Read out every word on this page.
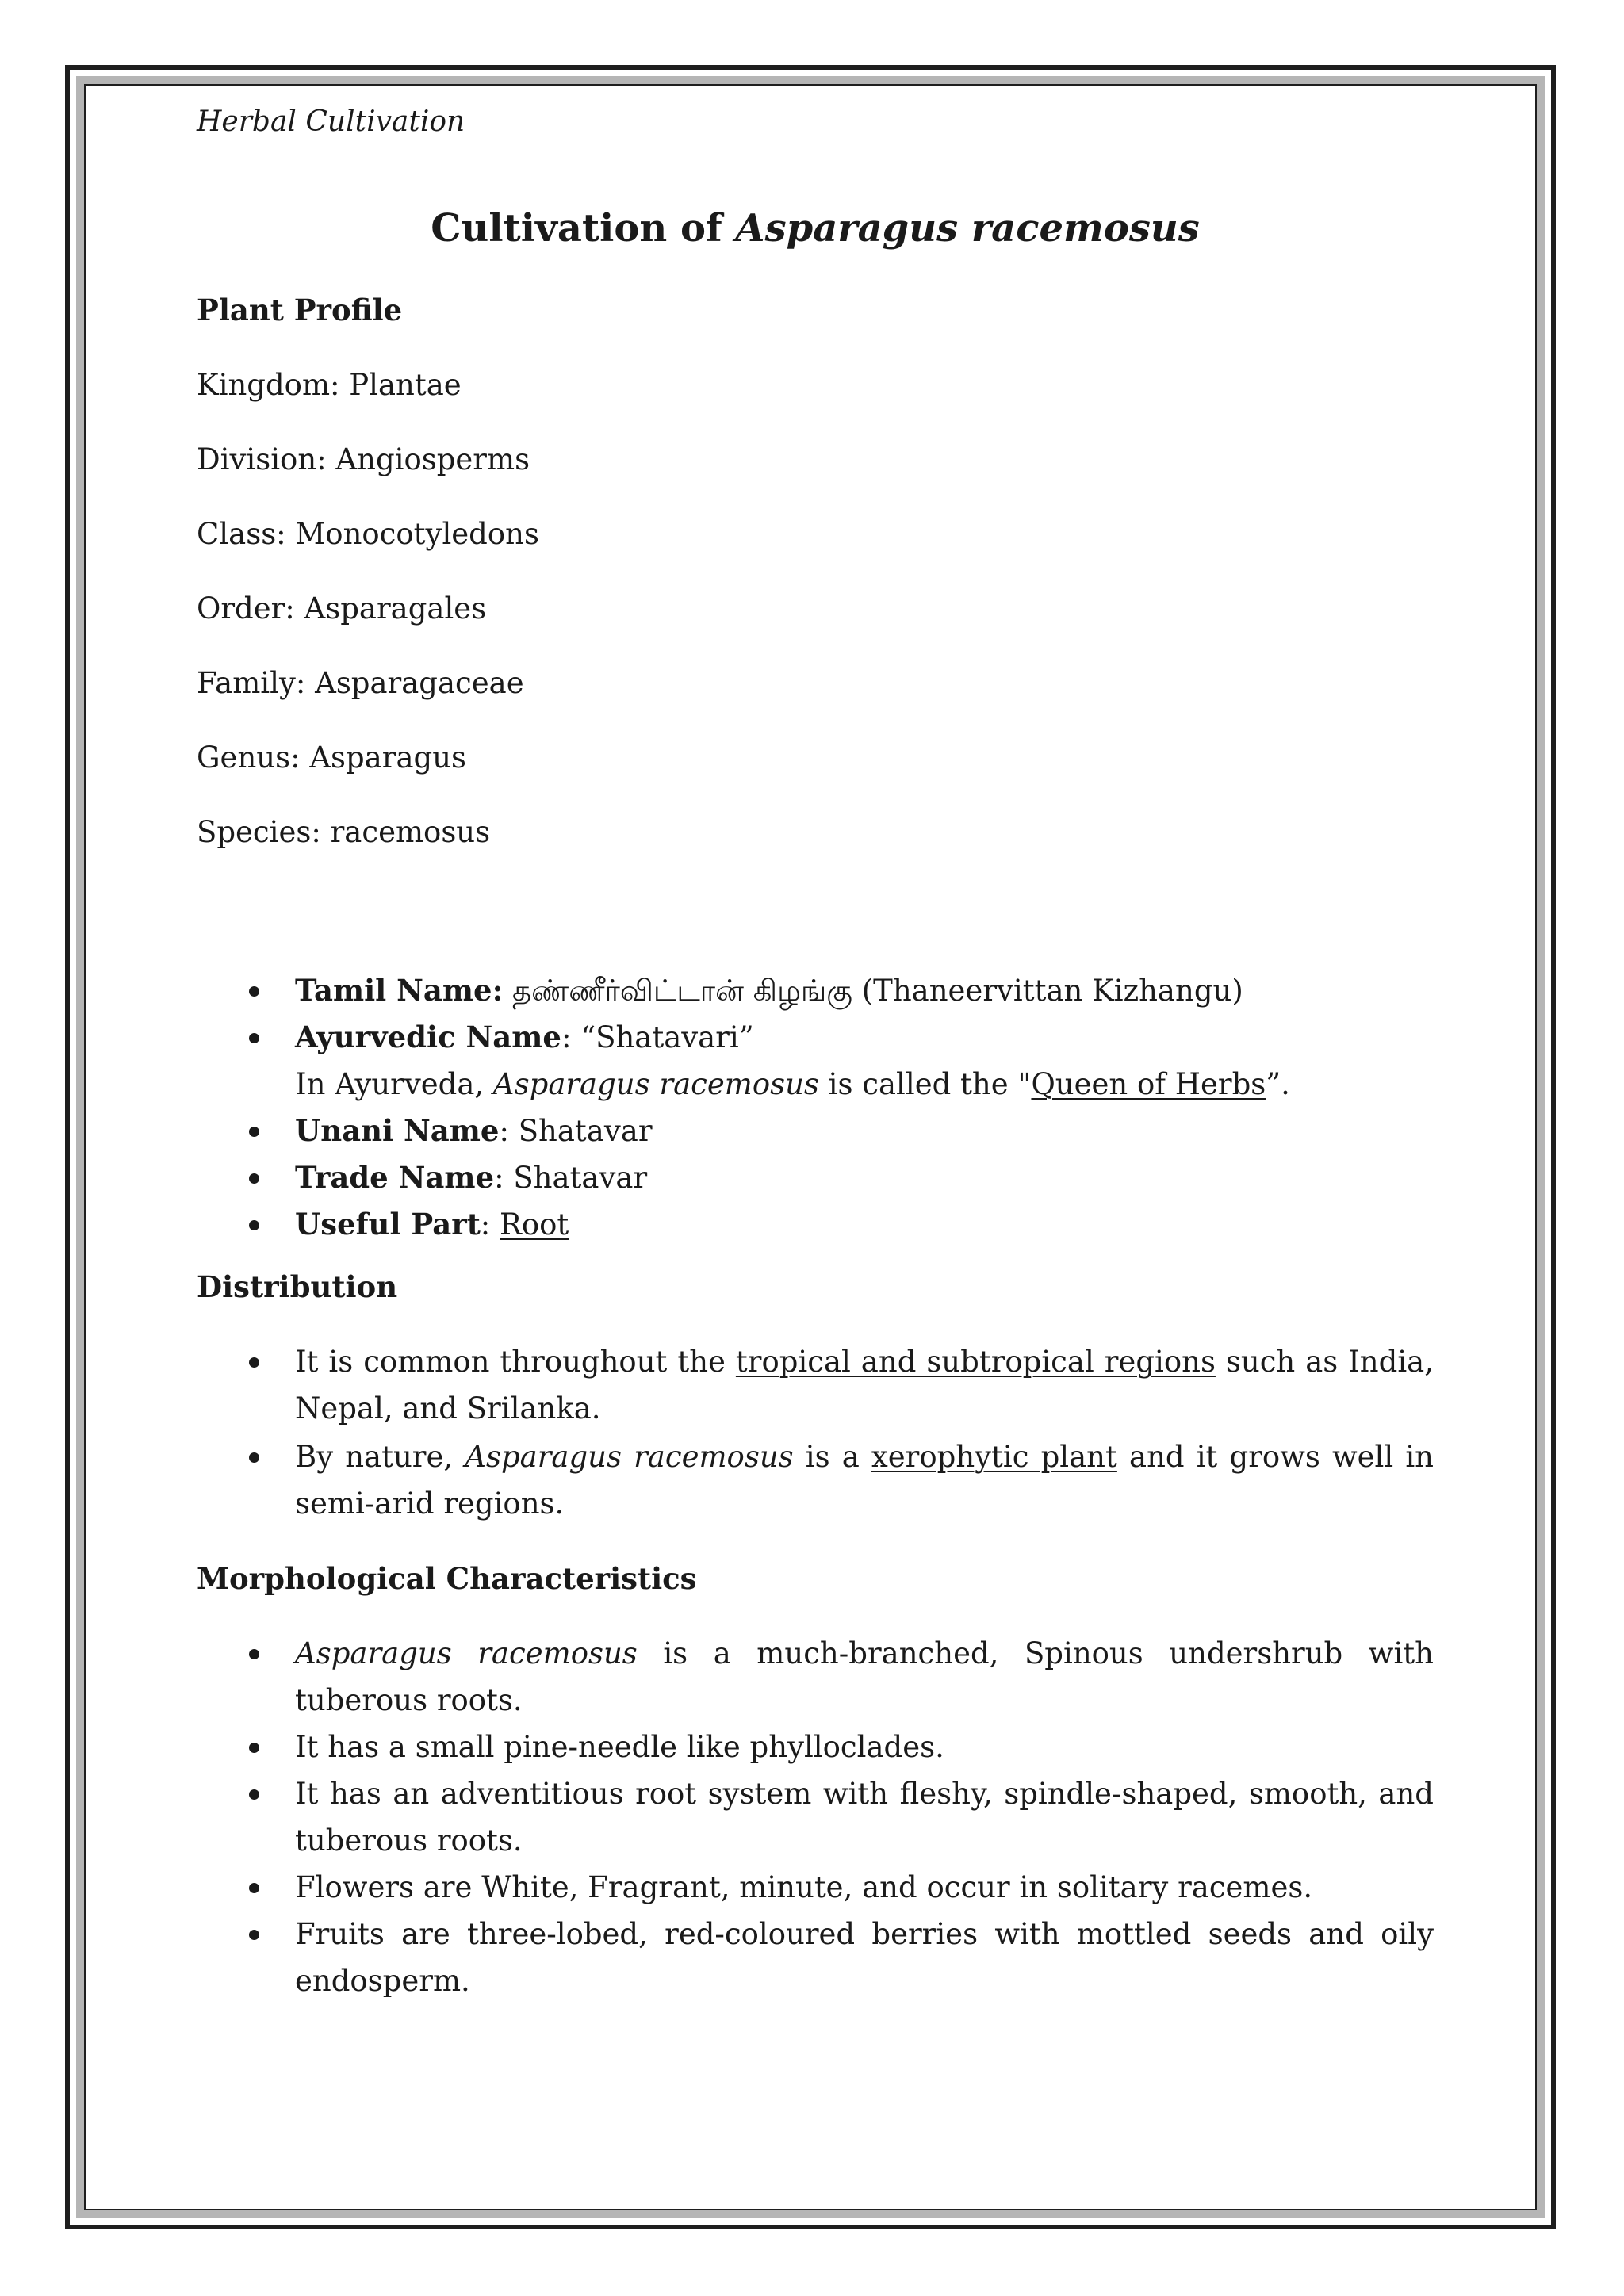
Herbal Cultivation

Cultivation of Asparagus racemosus

Plant Profile

Kingdom: Plantae

Division: Angiosperms

Class: Monocotyledons

Order: Asparagales

Family: Asparagaceae

Genus: Asparagus

Species: racemosus

Tamil Name: தண்ணீர்விட்டான் கிழங்கு (Thaneervittan Kizhangu)
Ayurvedic Name: “Shatavari”
In Ayurveda, Asparagus racemosus is called the "Queen of Herbs”.
Unani Name: Shatavar
Trade Name: Shatavar
Useful Part: Root

Distribution

It is common throughout the tropical and subtropical regions such as India, Nepal, and Srilanka.
By nature, Asparagus racemosus is a xerophytic plant and it grows well in semi-arid regions.

Morphological Characteristics

Asparagus racemosus is a much-branched, Spinous undershrub with tuberous roots.
It has a small pine-needle like phylloclades.
It has an adventitious root system with fleshy, spindle-shaped, smooth, and tuberous roots.
Flowers are White, Fragrant, minute, and occur in solitary racemes.
Fruits are three-lobed, red-coloured berries with mottled seeds and oily endosperm.
